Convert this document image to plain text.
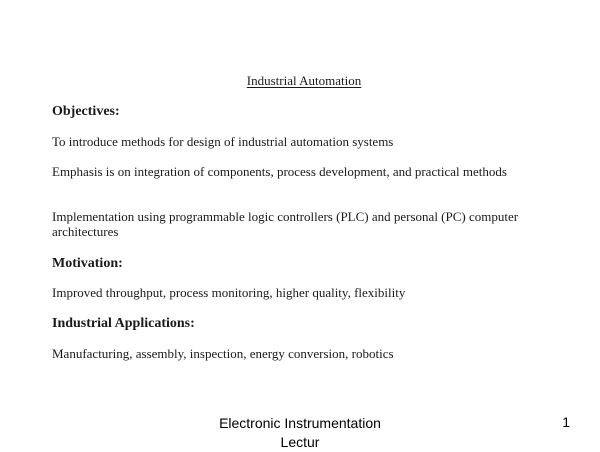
Industrial Automation
Objectives:

To introduce methods for design of industrial automation systems

Emphasis is on integration of components, process development, and practical methods

Implementation using programmable logic controllers (PLC) and personal (PC) computer architectures

Motivation:

Improved throughput, process monitoring, higher quality, flexibility

Industrial Applications:

Manufacturing, assembly, inspection, energy conversion, robotics

Electronic Instrumentation Lectur
1
